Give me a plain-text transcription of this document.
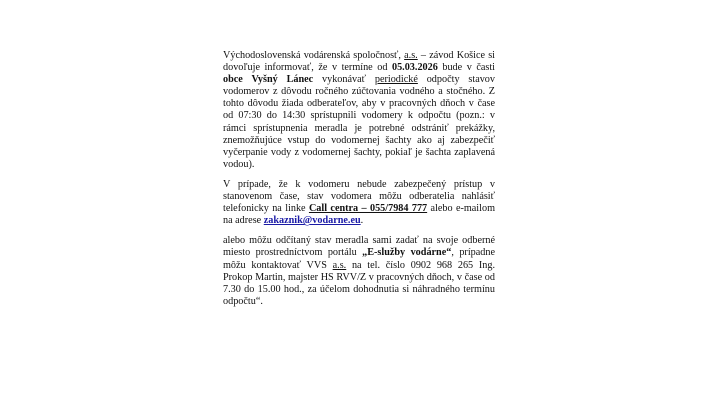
Východoslovenská vodárenská spoločnosť, a.s. – závod Košice si dovoľuje informovať, že v termíne od 05.03.2026 bude v časti obce Vyšný Lánec vykonávať periodické odpočty stavov vodomerov z dôvodu ročného zúčtovania vodného a stočného. Z tohto dôvodu žiada odberateľov, aby v pracovných dňoch v čase od 07:30 do 14:30 sprístupnili vodomery k odpočtu (pozn.: v rámci sprístupnenia meradla je potrebné odstrániť prekážky, znemožňujúce vstup do vodomernej šachty ako aj zabezpečiť vyčerpanie vody z vodomernej šachty, pokiaľ je šachta zaplavená vodou).

V prípade, že k vodomeru nebude zabezpečený prístup v stanovenom čase, stav vodomera môžu odberatelia nahlásiť telefonicky na linke Call centra – 055/7984 777 alebo e-mailom na adrese zakaznik@vodarne.eu.

alebo môžu odčítaný stav meradla sami zadať na svoje odberné miesto prostredníctvom portálu „E-služby vodárne“, prípadne môžu kontaktovať VVS a.s. na tel. číslo 0902 968 265 Ing. Prokop Martin, majster HS RVV/Z v pracovných dňoch, v čase od 7.30 do 15.00 hod., za účelom dohodnutia si náhradného termínu odpočtu“.
